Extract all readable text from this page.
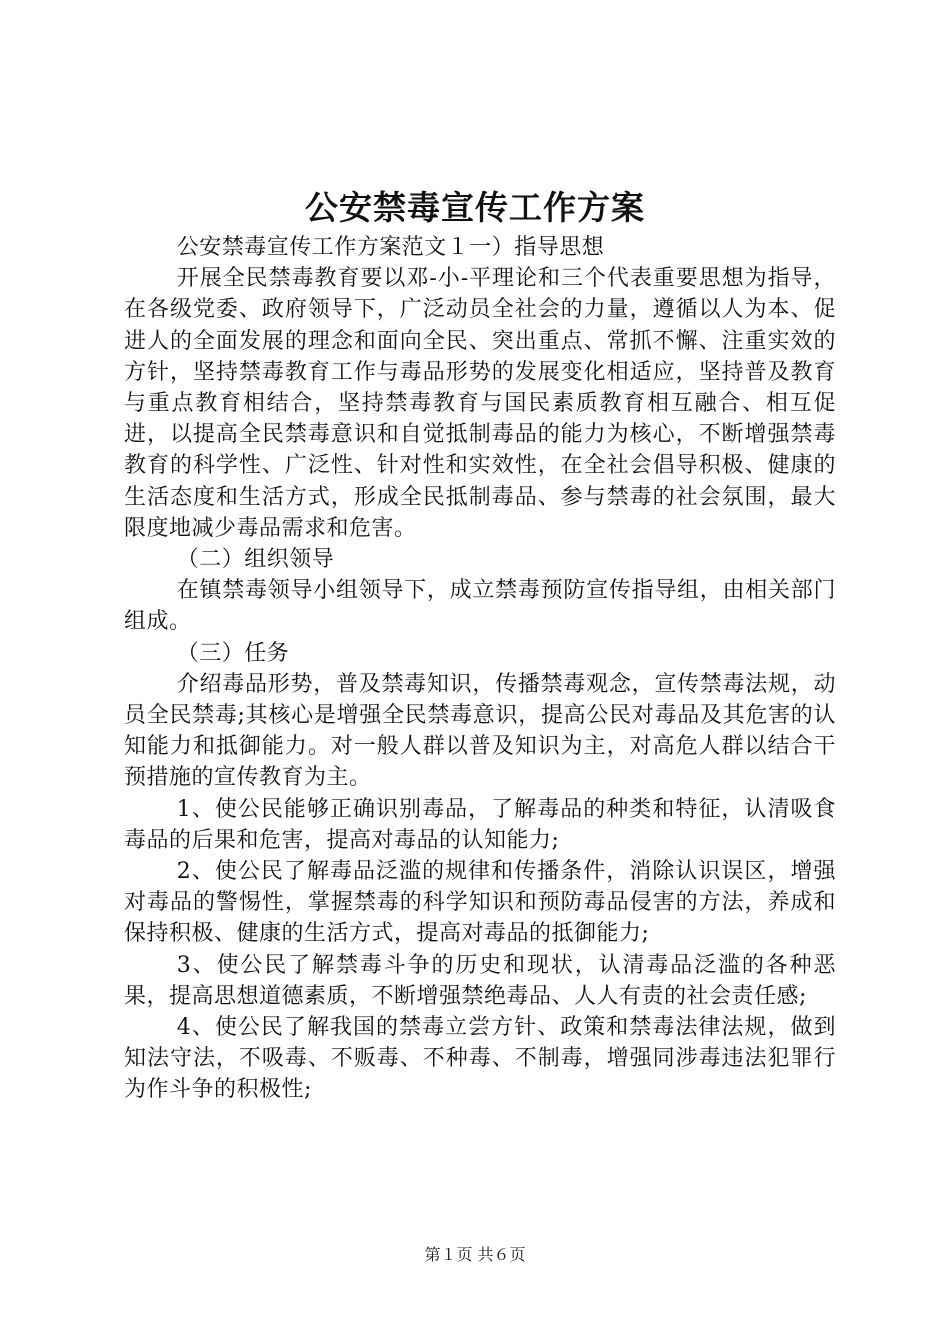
公安禁毒宣传工作方案

公安禁毒宣传工作方案范文１一）指导思想

开展全民禁毒教育要以邓-小-平理论和三个代表重要思想为指导，在各级党委、政府领导下，广泛动员全社会的力量，遵循以人为本、促进人的全面发展的理念和面向全民、突出重点、常抓不懈、注重实效的方针，坚持禁毒教育工作与毒品形势的发展变化相适应，坚持普及教育与重点教育相结合，坚持禁毒教育与国民素质教育相互融合、相互促进，以提高全民禁毒意识和自觉抵制毒品的能力为核心，不断增强禁毒教育的科学性、广泛性、针对性和实效性，在全社会倡导积极、健康的生活态度和生活方式，形成全民抵制毒品、参与禁毒的社会氛围，最大限度地减少毒品需求和危害。

（二）组织领导

在镇禁毒领导小组领导下，成立禁毒预防宣传指导组，由相关部门组成。

（三）任务

介绍毒品形势，普及禁毒知识，传播禁毒观念，宣传禁毒法规，动员全民禁毒;其核心是增强全民禁毒意识，提高公民对毒品及其危害的认知能力和抵御能力。对一般人群以普及知识为主，对高危人群以结合干预措施的宣传教育为主。

1、使公民能够正确识别毒品，了解毒品的种类和特征，认清吸食毒品的后果和危害，提高对毒品的认知能力;

2、使公民了解毒品泛滥的规律和传播条件，消除认识误区，增强对毒品的警惕性，掌握禁毒的科学知识和预防毒品侵害的方法，养成和保持积极、健康的生活方式，提高对毒品的抵御能力;

3、使公民了解禁毒斗争的历史和现状，认清毒品泛滥的各种恶果，提高思想道德素质，不断增强禁绝毒品、人人有责的社会责任感;

4、使公民了解我国的禁毒立尝方针、政策和禁毒法律法规，做到知法守法，不吸毒、不贩毒、不种毒、不制毒，增强同涉毒违法犯罪行为作斗争的积极性;

第１页 共６页
